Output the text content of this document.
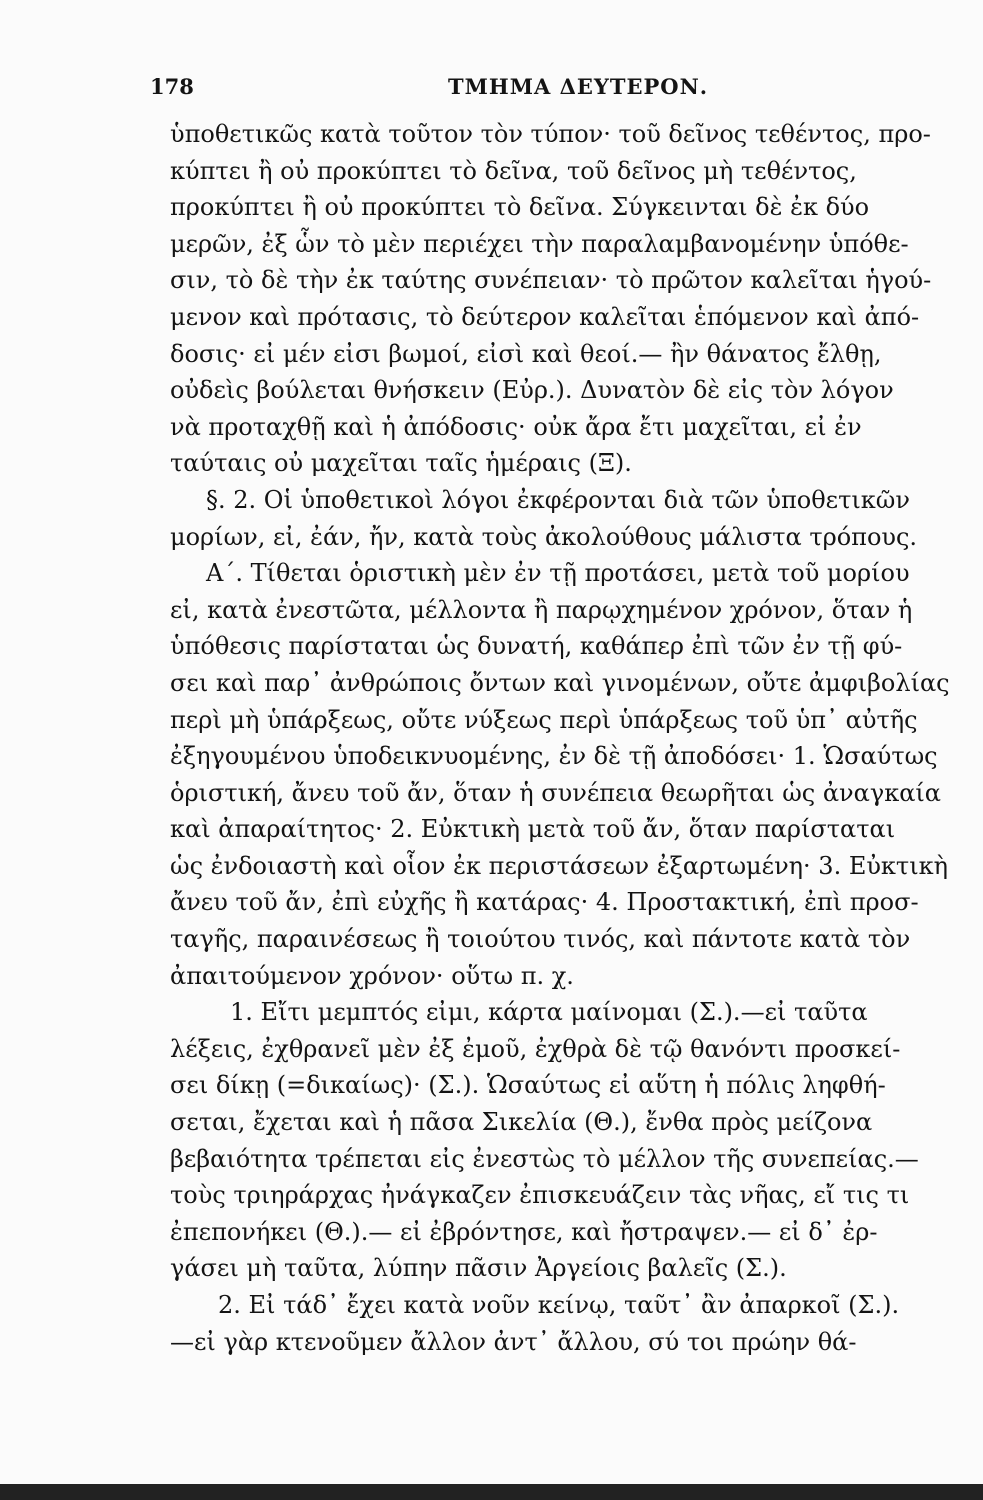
178	ΤΜΗΜΑ ΔΕΥΤΕΡΟΝ.
ὑποθετικῶς κατὰ τοῦτον τὸν τύπον· τοῦ δεῖνος τεθέντος, προ-
κύπτει ἢ οὐ προκύπτει τὸ δεῖνα, τοῦ δεῖνος μὴ τεθέντος,
προκύπτει ἢ οὐ προκύπτει τὸ δεῖνα. Σύγκεινται δὲ ἐκ δύο
μερῶν, ἐξ ὧν τὸ μὲν περιέχει τὴν παραλαμβανομένην ὑπόθε-
σιν, τὸ δὲ τὴν ἐκ ταύτης συνέπειαν· τὸ πρῶτον καλεῖται ἡγού-
μενον καὶ πρότασις, τὸ δεύτερον καλεῖται ἑπόμενον καὶ ἀπό-
δοσις· εἰ μέν εἰσι βωμοί, εἰσὶ καὶ θεοί.— ἢν θάνατος ἔλθῃ,
οὐδεὶς βούλεται θνήσκειν (Εὐρ.). Δυνατὸν δὲ εἰς τὸν λόγον
νὰ προταχθῇ καὶ ἡ ἀπόδοσις· οὐκ ἄρα ἔτι μαχεῖται, εἰ ἐν
ταύταις οὐ μαχεῖται ταῖς ἡμέραις (Ξ).
§. 2. Οἱ ὑποθετικοὶ λόγοι ἐκφέρονται διὰ τῶν ὑποθετικῶν
μορίων, εἰ, ἐάν, ἤν, κατὰ τοὺς ἀκολούθους μάλιστα τρόπους.
Α΄. Τίθεται ὁριστικὴ μὲν ἐν τῇ προτάσει, μετὰ τοῦ μορίου
εἰ, κατὰ ἐνεστῶτα, μέλλοντα ἢ παρῳχημένον χρόνον, ὅταν ἡ
ὑπόθεσις παρίσταται ὡς δυνατή, καθάπερ ἐπὶ τῶν ἐν τῇ φύ-
σει καὶ παρ᾽ ἀνθρώποις ὄντων καὶ γινομένων, οὔτε ἀμφιβολίας
περὶ μὴ ὑπάρξεως, οὔτε νύξεως περὶ ὑπάρξεως τοῦ ὑπ᾽ αὐτῆς
ἐξηγουμένου ὑποδεικνυομένης, ἐν δὲ τῇ ἀποδόσει· 1. Ὡσαύτως
ὁριστική, ἄνευ τοῦ ἄν, ὅταν ἡ συνέπεια θεωρῆται ὡς ἀναγκαία
καὶ ἀπαραίτητος· 2. Εὐκτικὴ μετὰ τοῦ ἄν, ὅταν παρίσταται
ὡς ἐνδοιαστὴ καὶ οἷον ἐκ περιστάσεων ἐξαρτωμένη· 3. Εὐκτικὴ
ἄνευ τοῦ ἄν, ἐπὶ εὐχῆς ἢ κατάρας· 4. Προστακτική, ἐπὶ προσ-
ταγῆς, παραινέσεως ἢ τοιούτου τινός, καὶ πάντοτε κατὰ τὸν
ἀπαιτούμενον χρόνον· οὕτω π. χ.
1. Εἴτι μεμπτός εἰμι, κάρτα μαίνομαι (Σ.).—εἰ ταῦτα
λέξεις, ἐχθρανεῖ μὲν ἐξ ἐμοῦ, ἐχθρὰ δὲ τῷ θανόντι προσκεί-
σει δίκῃ (=δικαίως)· (Σ.). Ὡσαύτως εἰ αὕτη ἡ πόλις ληφθή-
σεται, ἔχεται καὶ ἡ πᾶσα Σικελία (Θ.), ἔνθα πρὸς μείζονα
βεβαιότητα τρέπεται εἰς ἐνεστὼς τὸ μέλλον τῆς συνεπείας.—
τοὺς τριηράρχας ἠνάγκαζεν ἐπισκευάζειν τὰς νῆας, εἴ τις τι
ἐπεπονήκει (Θ.).— εἰ ἐβρόντησε, καὶ ἤστραψεν.— εἰ δ᾽ ἐρ-
γάσει μὴ ταῦτα, λύπην πᾶσιν Ἀργείοις βαλεῖς (Σ.).
2. Εἰ τάδ᾽ ἔχει κατὰ νοῦν κείνῳ, ταῦτ᾽ ἂν ἀπαρκοῖ (Σ.).
—εἰ γὰρ κτενοῦμεν ἄλλον ἀντ᾽ ἄλλου, σύ τοι πρώην θά-
